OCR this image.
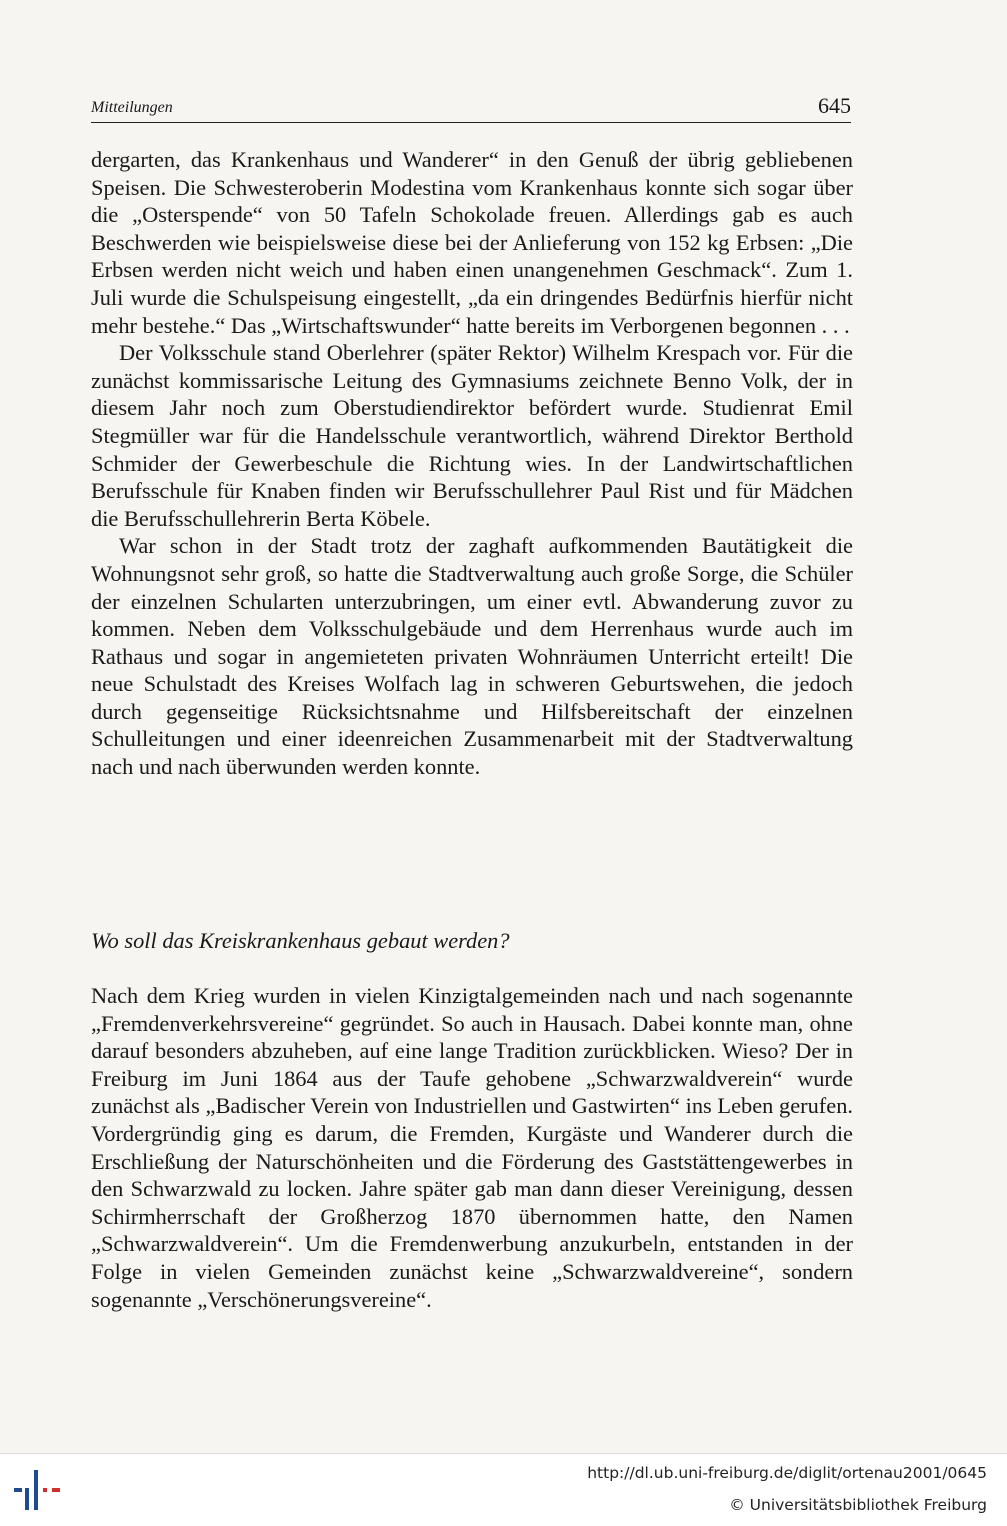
Mitteilungen	645

dergarten, das Krankenhaus und Wanderer“ in den Genuß der übrig gebliebenen Speisen. Die Schwesteroberin Modestina vom Krankenhaus konnte sich sogar über die „Osterspende“ von 50 Tafeln Schokolade freuen. Allerdings gab es auch Beschwerden wie beispielsweise diese bei der Anlieferung von 152 kg Erbsen: „Die Erbsen werden nicht weich und haben einen unangenehmen Geschmack“. Zum 1. Juli wurde die Schulspeisung eingestellt, „da ein dringendes Bedürfnis hierfür nicht mehr bestehe.“ Das „Wirtschaftswunder“ hatte bereits im Verborgenen begonnen . . .

Der Volksschule stand Oberlehrer (später Rektor) Wilhelm Krespach vor. Für die zunächst kommissarische Leitung des Gymnasiums zeichnete Benno Volk, der in diesem Jahr noch zum Oberstudiendirektor befördert wurde. Studienrat Emil Stegmüller war für die Handelsschule verantwortlich, während Direktor Berthold Schmider der Gewerbeschule die Richtung wies. In der Landwirtschaftlichen Berufsschule für Knaben finden wir Berufsschullehrer Paul Rist und für Mädchen die Berufsschullehrerin Berta Köbele.

War schon in der Stadt trotz der zaghaft aufkommenden Bautätigkeit die Wohnungsnot sehr groß, so hatte die Stadtverwaltung auch große Sorge, die Schüler der einzelnen Schularten unterzubringen, um einer evtl. Abwanderung zuvor zu kommen. Neben dem Volksschulgebäude und dem Herrenhaus wurde auch im Rathaus und sogar in angemieteten privaten Wohnräumen Unterricht erteilt! Die neue Schulstadt des Kreises Wolfach lag in schweren Geburtswehen, die jedoch durch gegenseitige Rücksichtsnahme und Hilfsbereitschaft der einzelnen Schulleitungen und einer ideenreichen Zusammenarbeit mit der Stadtverwaltung nach und nach überwunden werden konnte.

Wo soll das Kreiskrankenhaus gebaut werden?

Nach dem Krieg wurden in vielen Kinzigtalgemeinden nach und nach sogenannte „Fremdenverkehrsvereine“ gegründet. So auch in Hausach. Dabei konnte man, ohne darauf besonders abzuheben, auf eine lange Tradition zurückblicken. Wieso? Der in Freiburg im Juni 1864 aus der Taufe gehobene „Schwarzwaldverein“ wurde zunächst als „Badischer Verein von Industriellen und Gastwirten“ ins Leben gerufen. Vordergründig ging es darum, die Fremden, Kurgäste und Wanderer durch die Erschließung der Naturschönheiten und die Förderung des Gaststättengewerbes in den Schwarzwald zu locken. Jahre später gab man dann dieser Vereinigung, dessen Schirmherrschaft der Großherzog 1870 übernommen hatte, den Namen „Schwarzwaldverein“. Um die Fremdenwerbung anzukurbeln, entstanden in der Folge in vielen Gemeinden zunächst keine „Schwarzwaldvereine“, sondern sogenannte „Verschönerungsvereine“.

http://dl.ub.uni-freiburg.de/diglit/ortenau2001/0645
© Universitätsbibliothek Freiburg
